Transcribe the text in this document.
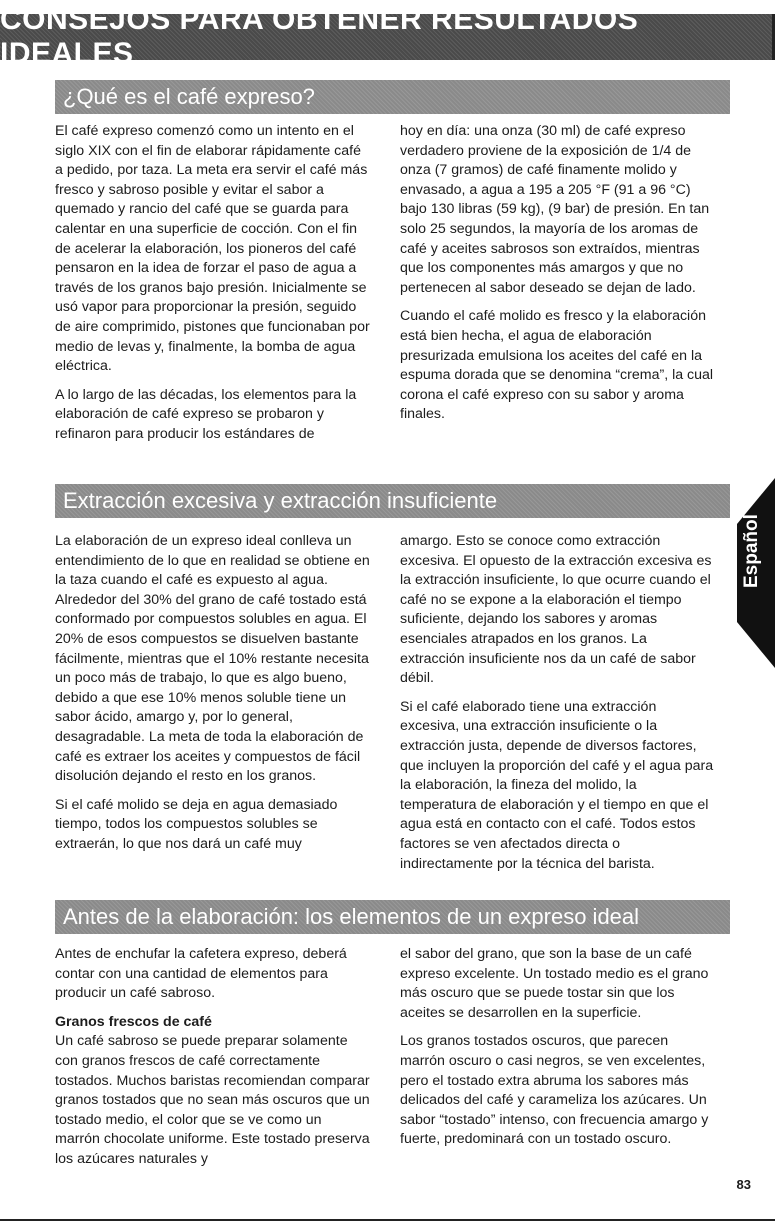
CONSEJOS PARA OBTENER RESULTADOS IDEALES
¿Qué es el café expreso?

El café expreso comenzó como un intento en el siglo XIX con el fin de elaborar rápidamente café a pedido, por taza. La meta era servir el café más fresco y sabroso posible y evitar el sabor a quemado y rancio del café que se guarda para calentar en una superficie de cocción. Con el fin de acelerar la elaboración, los pioneros del café pensaron en la idea de forzar el paso de agua a través de los granos bajo presión. Inicialmente se usó vapor para proporcionar la presión, seguido de aire comprimido, pistones que funcionaban por medio de levas y, finalmente, la bomba de agua eléctrica.

A lo largo de las décadas, los elementos para la elaboración de café expreso se probaron y refinaron para producir los estándares de

hoy en día: una onza (30 ml) de café expreso verdadero proviene de la exposición de 1/4 de onza (7 gramos) de café finamente molido y envasado, a agua a 195 a 205 °F (91 a 96 °C) bajo 130 libras (59 kg), (9 bar) de presión. En tan solo 25 segundos, la mayoría de los aromas de café y aceites sabrosos son extraídos, mientras que los componentes más amargos y que no pertenecen al sabor deseado se dejan de lado.

Cuando el café molido es fresco y la elaboración está bien hecha, el agua de elaboración presurizada emulsiona los aceites del café en la espuma dorada que se denomina “crema”, la cual corona el café expreso con su sabor y aroma finales.

Extracción excesiva y extracción insuficiente

La elaboración de un expreso ideal conlleva un entendimiento de lo que en realidad se obtiene en la taza cuando el café es expuesto al agua. Alrededor del 30% del grano de café tostado está conformado por compuestos solubles en agua. El 20% de esos compuestos se disuelven bastante fácilmente, mientras que el 10% restante necesita un poco más de trabajo, lo que es algo bueno, debido a que ese 10% menos soluble tiene un sabor ácido, amargo y, por lo general, desagradable. La meta de toda la elaboración de café es extraer los aceites y compuestos de fácil disolución dejando el resto en los granos.

Si el café molido se deja en agua demasiado tiempo, todos los compuestos solubles se extraerán, lo que nos dará un café muy

amargo. Esto se conoce como extracción excesiva. El opuesto de la extracción excesiva es la extracción insuficiente, lo que ocurre cuando el café no se expone a la elaboración el tiempo suficiente, dejando los sabores y aromas esenciales atrapados en los granos. La extracción insuficiente nos da un café de sabor débil.

Si el café elaborado tiene una extracción excesiva, una extracción insuficiente o la extracción justa, depende de diversos factores, que incluyen la proporción del café y el agua para la elaboración, la fineza del molido, la temperatura de elaboración y el tiempo en que el agua está en contacto con el café. Todos estos factores se ven afectados directa o indirectamente por la técnica del barista.

Antes de la elaboración: los elementos de un expreso ideal

Antes de enchufar la cafetera expreso, deberá contar con una cantidad de elementos para producir un café sabroso.

Granos frescos de café

Un café sabroso se puede preparar solamente con granos frescos de café correctamente tostados. Muchos baristas recomiendan comparar granos tostados que no sean más oscuros que un tostado medio, el color que se ve como un marrón chocolate uniforme. Este tostado preserva los azúcares naturales y

el sabor del grano, que son la base de un café expreso excelente. Un tostado medio es el grano más oscuro que se puede tostar sin que los aceites se desarrollen en la superficie.

Los granos tostados oscuros, que parecen marrón oscuro o casi negros, se ven excelentes, pero el tostado extra abruma los sabores más delicados del café y carameliza los azúcares. Un sabor “tostado” intenso, con frecuencia amargo y fuerte, predominará con un tostado oscuro.

Español
83
